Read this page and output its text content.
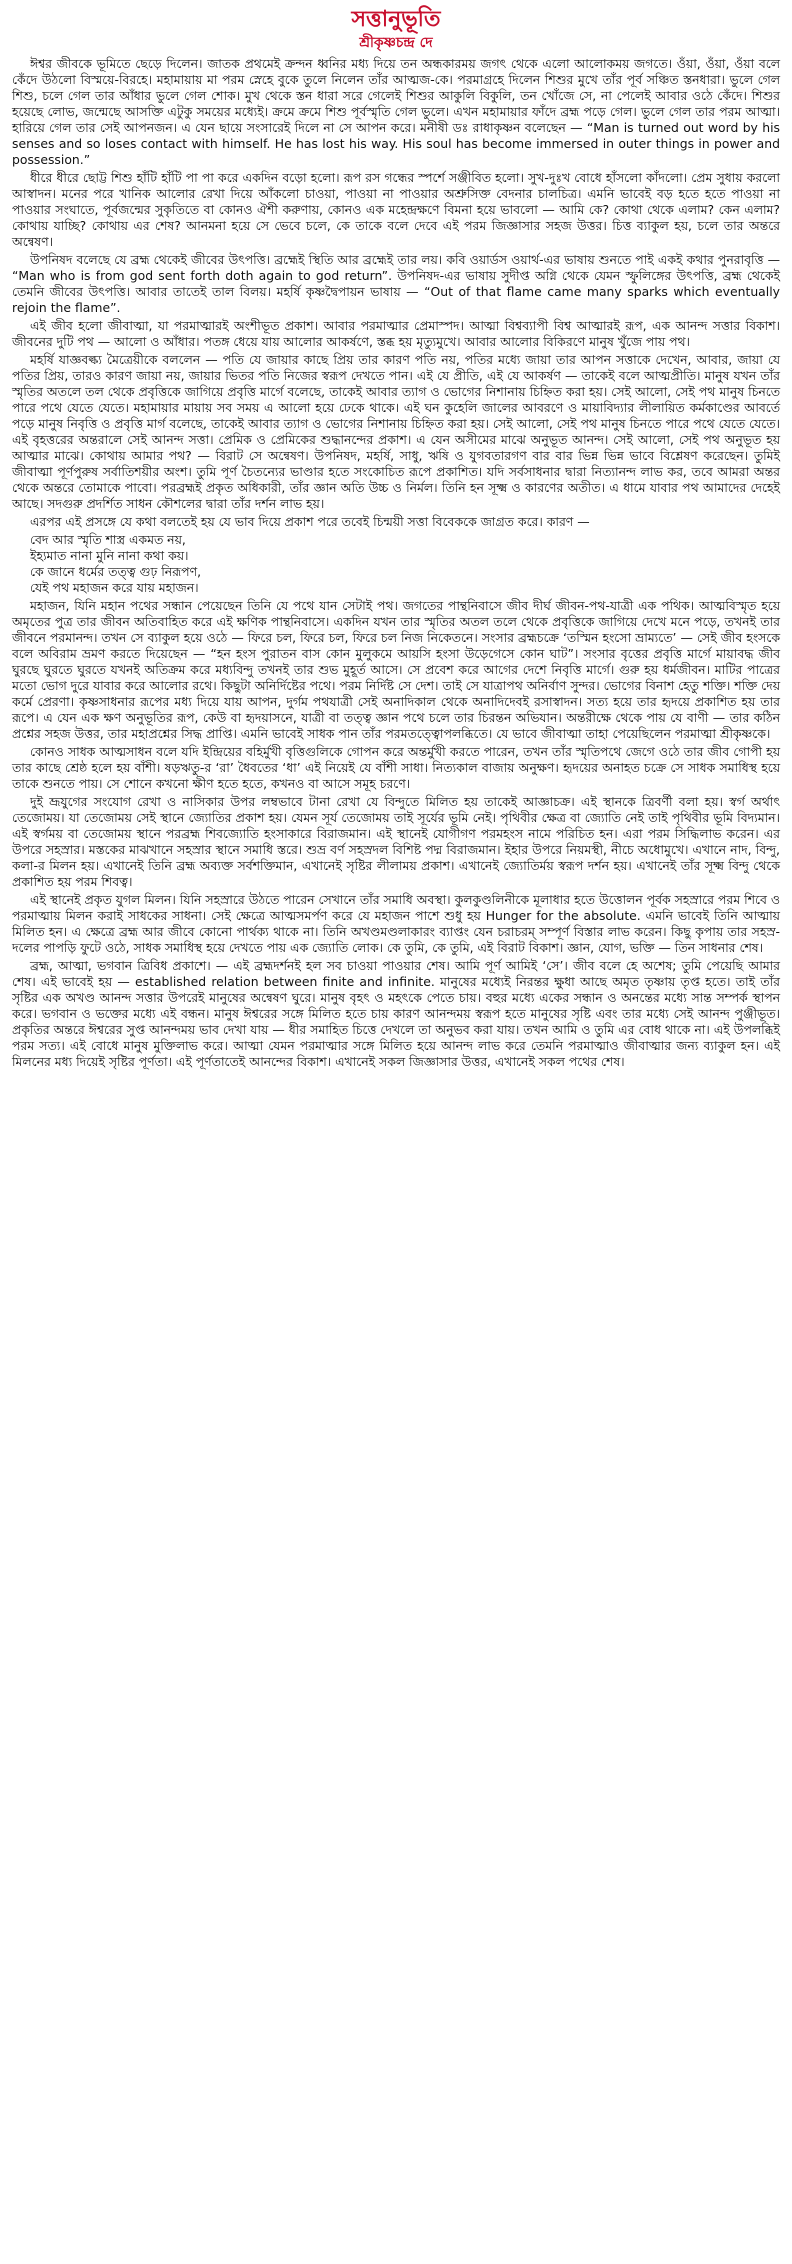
সত্তানুভূতি
শ্রীকৃষ্ণচন্দ্র দে

ঈশ্বর জীবকে ভূমিতে ছেড়ে দিলেন। জাতক প্রথমেই ক্রন্দন ধ্বনির মধ্য দিয়ে তন অন্ধকারময় জগৎ থেকে এলো আলোকময় জগতে। ওঁয়া, ওঁয়া, ওঁয়া বলে কেঁদে উঠলো বিস্ময়ে-বিরহে। মহামায়ায় মা পরম স্নেহে বুকে তুলে নিলেন তাঁর আত্মজ-কে। পরমাগ্রহে দিলেন শিশুর মুখে তাঁর পূর্ব সঞ্চিত স্তনধারা। ভুলে গেল শিশু, চলে গেল তার আঁধার ভুলে গেল শোক। মুখ থেকে স্তন ধারা সরে গেলেই শিশুর আকুলি বিকুলি, তন খোঁজে সে, না পেলেই আবার ওঠে কেঁদে। শিশুর হয়েছে লোভ, জন্মেছে আসক্তি এটুকু সময়ের মধ্যেই। ক্রমে ক্রমে শিশু পূর্বস্মৃতি গেল ভুলে। এখন মহামায়ার ফাঁদে ব্রহ্ম পড়ে গেল। ভুলে গেল তার পরম আত্মা। হারিয়ে গেল তার সেই আপনজন। এ যেন ছায়ে সংসারেই দিলে না সে আপন করে। মনীষী ডঃ রাধাকৃষ্ণন বলেছেন — “Man is turned out word by his senses and so loses contact with himself. He has lost his way. His soul has become immersed in outer things in power and possession.”

ধীরে ধীরে ছোট্ট শিশু হাঁটি হাঁটি পা পা করে একদিন বড়ো হলো। রূপ রস গন্ধের স্পর্শে সঞ্জীবিত হলো। সুখ-দুঃখ বোধে হাঁসলো কাঁদলো। প্রেম সুধায় করলো আস্বাদন। মনের পরে খানিক আলোর রেখা দিয়ে আঁকলো চাওয়া, পাওয়া না পাওয়ার অশ্রুসিক্ত বেদনার চালচিত্র। এমনি ভাবেই বড় হতে হতে পাওয়া না পাওয়ার সংঘাতে, পূর্বজন্মের সুকৃতিতে বা কোনও ঐশী করুণায়, কোনও এক মহেন্দ্রক্ষণে বিমনা হয়ে ভাবলো — আমি কে? কোথা থেকে এলাম? কেন এলাম? কোথায় যাচ্ছি? কোথায় এর শেষ? আনমনা হয়ে সে ভেবে চলে, কে তাকে বলে দেবে এই পরম জিজ্ঞাসার সহজ উত্তর। চিত্ত ব্যাকুল হয়, চলে তার অন্তরে অন্বেষণ।

উপনিষদ বলেছে যে ব্রহ্ম থেকেই জীবের উৎপত্তি। ব্রহ্মেই স্থিতি আর ব্রহ্মেই তার লয়। কবি ওয়ার্ডস ওয়ার্থ-এর ভাষায় শুনতে পাই একই কথার পুনরাবৃত্তি — “Man who is from god sent forth doth again to god return”. উপনিষদ-এর ভাষায় সুদীপ্ত অগ্নি থেকে যেমন স্ফুলিঙ্গের উৎপত্তি, ব্রহ্ম থেকেই তেমনি জীবের উৎপত্তি। আবার তাতেই তাল বিলয়। মহর্ষি কৃষ্ণদ্বৈপায়ন ভাষায় — “Out of that flame came many sparks which eventually rejoin the flame”.

এই জীব হলো জীবাত্মা, যা পরমাত্মারই অংশীভূত প্রকাশ। আবার পরমাত্মার প্রেমাস্পদ। আত্মা বিশ্বব্যাপী বিশ্ব আত্মারই রূপ, এক আনন্দ সত্তার বিকাশ। জীবনের দুটি পথ — আলো ও আঁধার। পতঙ্গ ধেয়ে যায় আলোর আকর্ষণে, স্তব্ধ হয় মৃত্যুমুখে। আবার আলোর বিকিরণে মানুষ খুঁজে পায় পথ।

মহর্ষি যাজ্ঞবল্ক্য মৈত্রেয়ীকে বললেন — পতি যে জায়ার কাছে প্রিয় তার কারণ পতি নয়, পতির মধ্যে জায়া তার আপন সত্তাকে দেখেন, আবার, জায়া যে পতির প্রিয়, তারও কারণ জায়া নয়, জায়ার ভিতর পতি নিজের স্বরূপ দেখতে পান। এই যে প্রীতি, এই যে আকর্ষণ — তাকেই বলে আত্মপ্রীতি। মানুষ যখন তাঁর স্মৃতির অতলে তল থেকে প্রবৃত্তিকে জাগিয়ে প্রবৃত্তি মার্গে বলেছে, তাকেই আবার ত্যাগ ও ভোগের নিশানায় চিহ্নিত করা হয়। সেই আলো, সেই পথ মানুষ চিনতে পারে পথে যেতে যেতে। মহামায়ার মায়ায় সব সময় এ আলো হয়ে ঢেকে থাকে। এই ঘন কুহেলি জালের আবরণে ও মায়াবিদ্যার লীলায়িত কর্মকাণ্ডের আবর্তে পড়ে মানুষ নিবৃত্তি ও প্রবৃত্তি মার্গ বলেছে, তাকেই আবার ত্যাগ ও ভোগের নিশানায় চিহ্নিত করা হয়। সেই আলো, সেই পথ মানুষ চিনতে পারে পথে যেতে যেতে। এই বৃহত্তরের অন্তরালে সেই আনন্দ সত্তা। প্রেমিক ও প্রেমিকের শুদ্ধানন্দের প্রকাশ। এ যেন অসীমের মাঝে অনুভূত আনন্দ। সেই আলো, সেই পথ অনুভূত হয় আত্মার মাঝে। কোথায় আমার পথ? — বিরাট সে অন্বেষণ। উপনিষদ, মহর্ষি, সাধু, ঋষি ও যুগবতারগণ বার বার ভিন্ন ভিন্ন ভাবে বিশ্লেষণ করেছেন। তুমিই জীবাত্মা পূর্ণপুরুষ সর্বাতিশয়ীর অংশ। তুমি পূর্ণ চৈতন্যের ভাণ্ডার হতে সংকোচিত রূপে প্রকাশিত। যদি সর্বসাধনার দ্বারা নিত্যানন্দ লাভ কর, তবে আমরা অন্তর থেকে অন্তরে তোমাকে পাবো। পরব্রহ্মই প্রকৃত অধিকারী, তাঁর জ্ঞান অতি উচ্চ ও নির্মল। তিনি হন সূক্ষ্ম ও কারণের অতীত। এ ধামে যাবার পথ আমাদের দেহেই আছে। সদগুরু প্রদর্শিত সাধন কৌশলের দ্বারা তাঁর দর্শন লাভ হয়।

এরপর এই প্রসঙ্গে যে কথা বলতেই হয় যে ভাব দিয়ে প্রকাশ পরে তবেই চিন্ময়ী সত্তা বিবেককে জাগ্রত করে। কারণ —

বেদ আর স্মৃতি শাস্ত্র একমত নয়,
ইহ্যমাত নানা মুনি নানা কথা কয়।
কে জানে ধর্মের তত্ত্ব গুঢ় নিরূপণ,
যেই পথ মহাজন করে যায় মহাজন।

মহাজন, যিনি মহান পথের সন্ধান পেয়েছেন তিনি যে পথে যান সেটাই পথ। জগতের পান্থনিবাসে জীব দীর্ঘ জীবন-পথ-যাত্রী এক পথিক। আত্মবিস্মৃত হয়ে অমৃতের পুত্র তার জীবন অতিবাহিত করে এই ক্ষণিক পান্থনিবাসে। একদিন যখন তার স্মৃতির অতল তলে থেকে প্রবৃত্তিকে জাগিয়ে দেখে মনে পড়ে, তখনই তার জীবনে পরমানন্দ। তখন সে ব্যাকুল হয়ে ওঠে — ফিরে চল, ফিরে চল, ফিরে চল নিজ নিকেতনে। সংসার ব্রহ্মচক্রে ‘তস্মিন হংসো ভ্রাম্যতে’ — সেই জীব হংসকে বলে অবিরাম ভ্রমণ করতে দিয়েছেন — “হন হংস পুরাতন বাস কোন মুলুকমে আয়সি হংসা উড়েগেসে কোন ঘাট”। সংসার বৃত্তের প্রবৃত্তি মার্গে মায়াবদ্ধ জীব ঘুরছে ঘুরতে ঘুরতে যখনই অতিক্রম করে মধ্যবিন্দু তখনই তার শুভ মুহূর্ত আসে। সে প্রবেশ করে আগের দেশে নিবৃত্তি মার্গে। গুরু হয় ধর্মজীবন। মাটির পাত্রের মতো ভোগ দুরে যাবার করে আলোর রথে। কিছুটা অনির্দিষ্টের পথে। পরম নির্দিষ্ট সে দেশ। তাই সে যাত্রাপথ অনির্বাণ সুন্দর। ভোগের বিনাশ হেতু শক্তি। শক্তি দেয় কর্মে প্রেরণা। কৃষ্ণসাধনার রূপের মধ্য দিয়ে যায় আপন, দুর্গম পথযাত্রী সেই অনাদিকাল থেকে অনাদিদেবই রসাস্বাদন। সত্য হয়ে তার হৃদয়ে প্রকাশিত হয় তার রূপে। এ যেন এক ক্ষণ অনুভূতির রূপ, কেউ বা হৃদয়াসনে, যাত্রী বা তত্ত্ব জ্ঞান পথে চলে তার চিরন্তন অভিযান। অন্তরীক্ষে থেকে পায় যে বাণী — তার কঠিন প্রশ্নের সহজ উত্তর, তার মহাপ্রশ্নের সিদ্ধ প্রাপ্তি। এমনি ভাবেই সাধক পান তাঁর পরমতত্ত্বোপলব্ধিতে। যে ভাবে জীবাত্মা তাহা পেয়েছিলেন পরমাত্মা শ্রীকৃষ্ণকে।

কোনও সাধক আত্মসাধন বলে যদি ইন্দ্রিয়ের বহির্মুখী বৃত্তিগুলিকে গোপন করে অন্তর্মুখী করতে পারেন, তখন তাঁর স্মৃতিপথে জেগে ওঠে তার জীব গোপী হয় তার কাছে শ্রেষ্ঠ হলে হয় বাঁশী। ষড়ঋতু-র ‘রা’ ধৈবতের ‘ধা’ এই নিয়েই যে বাঁশী সাধা। নিত্যকাল বাজায় অনুক্ষণ। হৃদয়ের অনাহত চক্রে সে সাধক সমাধিস্থ হয়ে তাকে শুনতে পায়। সে শোনে কখনো ক্ষীণ হতে হতে, কখনও বা আসে সমূহ চরণে।

দুই ভ্রূযুগের সংযোগ রেখা ও নাসিকার উপর লম্বভাবে টানা রেখা যে বিন্দুতে মিলিত হয় তাকেই আজ্ঞাচক্র। এই স্থানকে ত্রিবর্ণী বলা হয়। স্বর্গ অর্থাৎ তেজোময়। যা তেজোময় সেই স্থানে জ্যোতির প্রকাশ হয়। যেমন সূর্য তেজোময় তাই সূর্যের ভূমি নেই। পৃথিবীর ক্ষেত্র বা জ্যোতি নেই তাই পৃথিবীর ভূমি বিদ্যমান। এই স্বর্গময় বা তেজোময় স্থানে পরব্রহ্ম শিবজ্যোতি হংসাকারে বিরাজমান। এই স্থানেই যোগীগণ পরমহংস নামে পরিচিত হন। এরা পরম সিদ্ধিলাভ করেন। এর উপরে সহস্রার। মস্তকের মাঝখানে সহস্রার স্থানে সমাধি স্তরে। শুভ্র বর্ণ সহস্রদল বিশিষ্ট পদ্ম বিরাজমান। ইহার উপরে নিয়মস্থী, নীচে অধোমুখে। এখানে নাদ, বিন্দু, কলা-র মিলন হয়। এখানেই তিনি ব্রহ্ম অব্যক্ত সর্বশক্তিমান, এখানেই সৃষ্টির লীলাময় প্রকাশ। এখানেই জ্যোতির্ময় স্বরূপ দর্শন হয়। এখানেই তাঁর সূক্ষ্ম বিন্দু থেকে প্রকাশিত হয় পরম শিবত্ব।

এই স্থানেই প্রকৃত যুগল মিলন। যিনি সহস্রারে উঠতে পারেন সেখানে তাঁর সমাধি অবস্থা। কুলকুণ্ডলিনীকে মূলাধার হতে উত্তোলন পূর্বক সহস্রারে পরম শিবে ও পরমাত্মায় মিলন করাই সাধকের সাধনা। সেই ক্ষেত্রে আত্মসমর্পণ করে যে মহাজন পাশে শুধু হয় Hunger for the absolute. এমনি ভাবেই তিনি আত্মায় মিলিত হন। এ ক্ষেত্রে ব্রহ্ম আর জীবে কোনো পার্থক্য থাকে না। তিনি অখণ্ডমণ্ডলাকারং ব্যাপ্তং যেন চরাচরম্‌ সম্পূর্ণ বিস্তার লাভ করেন। কিছু কৃপায় তার সহস্র-দলের পাপড়ি ফুটে ওঠে, সাধক সমাধিস্থ হয়ে দেখতে পায় এক জ্যোতি লোক। কে তুমি, কে তুমি, এই বিরাট বিকাশ। জ্ঞান, যোগ, ভক্তি — তিন সাধনার শেষ।

ব্রহ্ম, আত্মা, ভগবান ত্রিবিধ প্রকাশে। — এই ব্রহ্মদর্শনই হল সব চাওয়া পাওয়ার শেষ। আমি পূর্ণ আমিই ‘সে’। জীব বলে হে অশেষ; তুমি পেয়েছি আমার শেষ। এই ভাবেই হয় — established relation between finite and infinite. মানুষের মধ্যেই নিরন্তর ক্ষুধা আছে অমৃত তৃষ্ণায় তৃপ্ত হতে। তাই তাঁর সৃষ্টির এক অখণ্ড আনন্দ সত্তার উপরেই মানুষের অন্বেষণ ঘুরে। মানুষ বৃহৎ ও মহৎকে পেতে চায়। বহুর মধ্যে একের সন্ধান ও অনন্তের মধ্যে সান্ত সম্পর্ক স্থাপন করে। ভগবান ও ভক্তের মধ্যে এই বন্ধন। মানুষ ঈশ্বরের সঙ্গে মিলিত হতে চায় কারণ আনন্দময় স্বরূপ হতে মানুষের সৃষ্টি এবং তার মধ্যে সেই আনন্দ পুঞ্জীভূত। প্রকৃতির অন্তরে ঈশ্বরের সুপ্ত আনন্দময় ভাব দেখা যায় — ধীর সমাহিত চিত্তে দেখলে তা অনুভব করা যায়। তখন আমি ও তুমি এর বোধ থাকে না। এই উপলব্ধিই পরম সত্য। এই বোধে মানুষ মুক্তিলাভ করে। আত্মা যেমন পরমাত্মার সঙ্গে মিলিত হয়ে আনন্দ লাভ করে তেমনি পরমাত্মাও জীবাত্মার জন্য ব্যাকুল হন। এই মিলনের মধ্য দিয়েই সৃষ্টির পূর্ণতা। এই পূর্ণতাতেই আনন্দের বিকাশ। এখানেই সকল জিজ্ঞাসার উত্তর, এখানেই সকল পথের শেষ।
